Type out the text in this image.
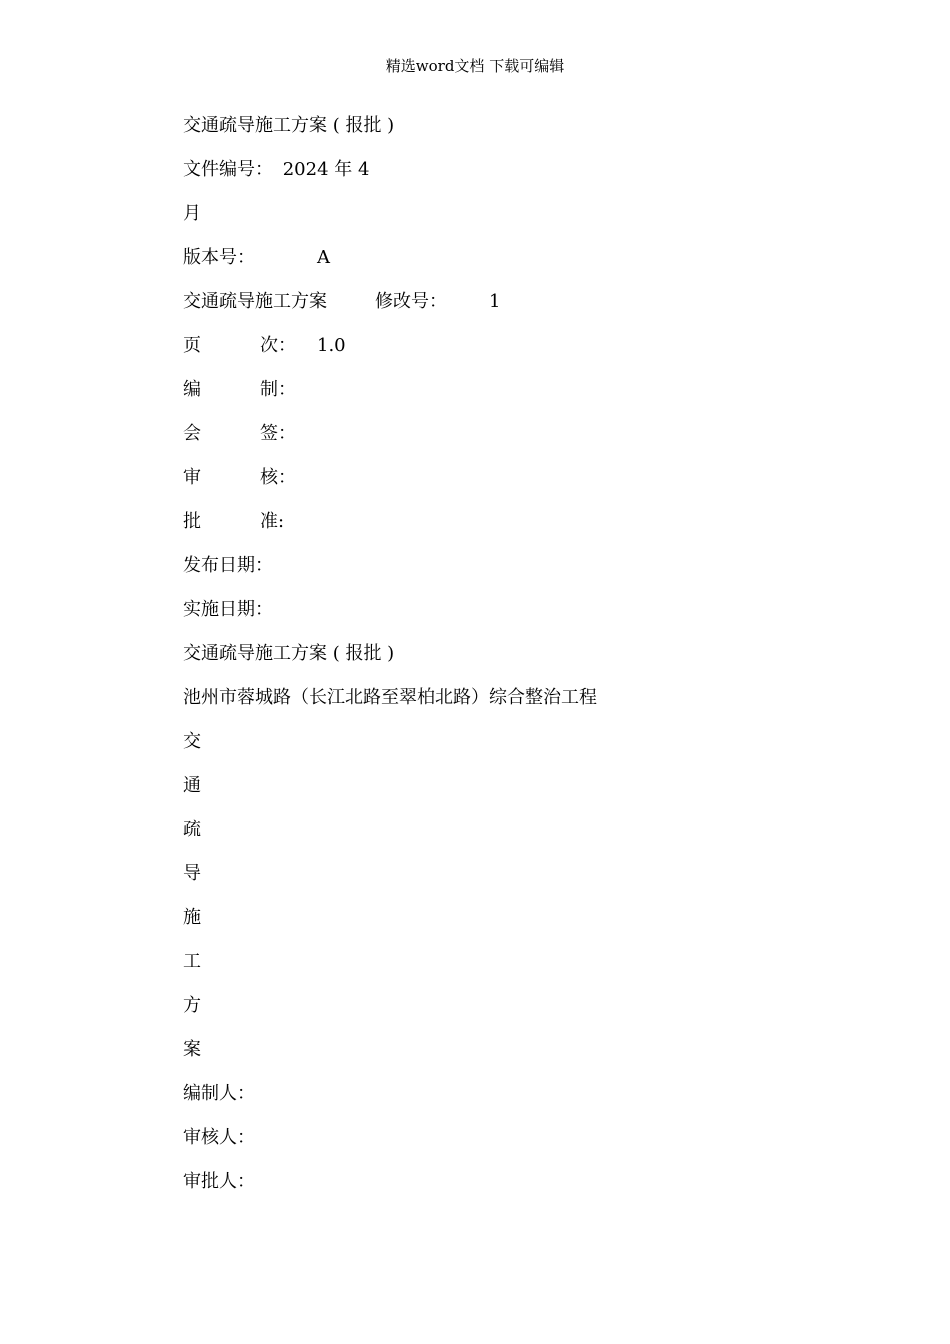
精选word文档 下载可编辑
交通疏导施工方案 ( 报批 )
文件编号： 2024 年 4
月
版本号：	A
交通疏导施工方案	修改号： 1
页	次： 1.0
编	制：
会	签：
审	核：
批	准:
发布日期：
实施日期：
交通疏导施工方案 ( 报批 )
池州市蓉城路（长江北路至翠柏北路）综合整治工程
交
通
疏
导
施
工
方
案
编制人：
审核人：
审批人：
